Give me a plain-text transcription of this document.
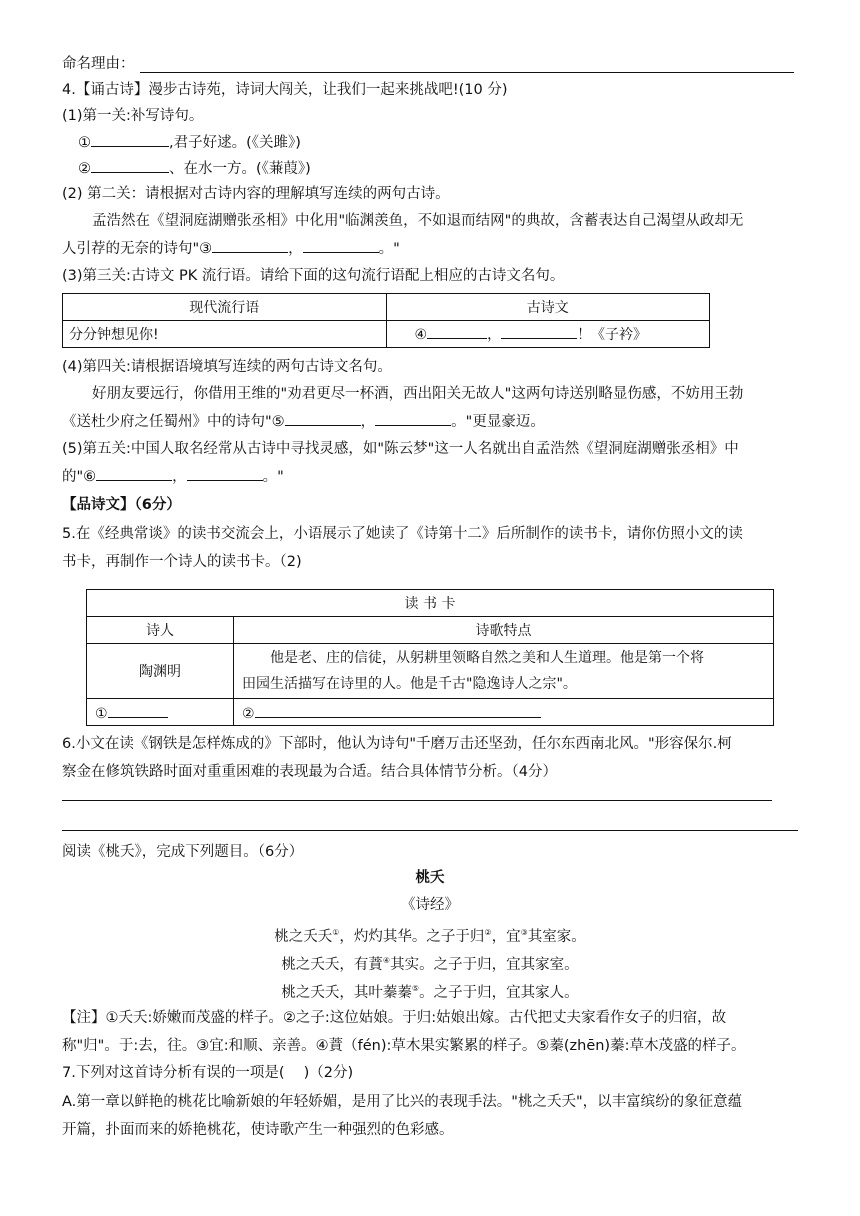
命名理由：
4.【诵古诗】漫步古诗苑，诗词大闯关，让我们一起来挑战吧!(10 分)
(1)第一关:补写诗句。
①	,君子好逑。(《关雎》)
②	、在水一方。(《蒹葭》)
(2) 第二关：请根据对古诗内容的理解填写连续的两句古诗。
孟浩然在《望洞庭湖赠张丞相》中化用"临渊羡鱼，不如退而结网"的典故，含蓄表达自己渴望从政却无
人引荐的无奈的诗句"③	，	。"
(3)第三关:古诗文 PK 流行语。请给下面的这句流行语配上相应的古诗文名句。
现代流行语	古诗文
分分钟想见你!	④ ， ！《子衿》
(4)第四关:请根据语境填写连续的两句古诗文名句。
好朋友要远行，你借用王维的"劝君更尽一杯酒，西出阳关无故人"这两句诗送别略显伤感，不妨用王勃
《送杜少府之任蜀州》中的诗句"⑤	，	。"更显豪迈。
(5)第五关:中国人取名经常从古诗中寻找灵感，如"陈云梦"这一人名就出自孟浩然《望洞庭湖赠张丞相》中
的"⑥	，	。"
【品诗文】（6分）
5.在《经典常谈》的读书交流会上，小语展示了她读了《诗第十二》后所制作的读书卡，请你仿照小文的读
书卡，再制作一个诗人的读书卡。（2)
读 书 卡	
诗人	诗歌特点
陶渊明	他是老、庄的信徒，从躬耕里领略自然之美和人生道理。他是第一个将
田园生活描写在诗里的人。他是千古"隐逸诗人之宗"。

①	②
6.小文在读《钢铁是怎样炼成的》下部时，他认为诗句"千磨万击还坚劲，任尔东西南北风。"形容保尔.柯
察金在修筑铁路时面对重重困难的表现最为合适。结合具体情节分析。（4分）
阅读《桃夭》，完成下列题目。（6分）
桃夭
《诗经》
桃之夭夭①，灼灼其华。之子于归②，宜③其室家。
桃之夭夭，有蕡④其实。之子于归，宜其家室。
桃之夭夭，其叶蓁蓁⑤。之子于归，宜其家人。
【注】①夭夭:娇嫩而茂盛的样子。②之子:这位姑娘。于归:姑娘出嫁。古代把丈夫家看作女子的归宿，故
称"归"。于:去，往。③宜:和顺、亲善。④蕡（fén):草木果实繁累的样子。⑤蓁(zhēn)蓁:草木茂盛的样子。
7.下列对这首诗分析有误的一项是(　 )（2分)
A.第一章以鲜艳的桃花比喻新娘的年轻娇媚，是用了比兴的表现手法。"桃之夭夭"，以丰富缤纷的象征意蕴
开篇，扑面而来的娇艳桃花，使诗歌产生一种强烈的色彩感。
